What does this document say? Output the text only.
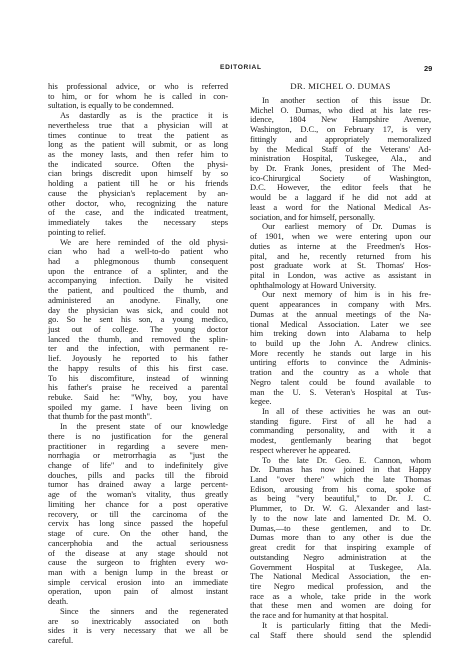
EDITORIAL	29
his professional advice, or who is referred
to him, or for whom he is called in con-
sultation, is equally to be condemned.
As dastardly as is the practice it is
nevertheless true that a physician will at
times continue to treat the patient as
long as the patient will submit, or as long
as the money lasts, and then refer him to
the indicated source. Often the physi-
cian brings discredit upon himself by so
holding a patient till he or his friends
cause the physician's replacement by an-
other doctor, who, recognizing the nature
of the case, and the indicated treatment,
immediately takes the necessary steps
pointing to relief.
We are here reminded of the old physi-
cian who had a well-to-do patient who
had a phlegmonous thumb consequent
upon the entrance of a splinter, and the
accompanying infection. Daily he visited
the patient, and poulticed the thumb, and
administered an anodyne. Finally, one
day the physician was sick, and could not
go. So he sent his son, a young medico,
just out of college. The young doctor
lanced the thumb, and removed the splin-
ter and the infection, with permanent re-
lief. Joyously he reported to his father
the happy results of this his first case.
To his discomfiture, instead of winning
his father's praise he received a parental
rebuke. Said he: "Why, boy, you have
spoiled my game. I have been living on
that thumb for the past month".
In the present state of our knowledge
there is no justification for the general
practitioner in regarding a severe men-
norrhagia or metrorrhagia as "just the
change of life" and to indefinitely give
douches, pills and packs till the fibroid
tumor has drained away a large percent-
age of the woman's vitality, thus greatly
limiting her chance for a post operative
recovery, or till the carcinoma of the
cervix has long since passed the hopeful
stage of cure. On the other hand, the
cancerphobia and the actual seriousness
of the disease at any stage should not
cause the surgeon to frighten every wo-
man with a benign lump in the breast or
simple cervical erosion into an immediate
operation, upon pain of almost instant
death.
Since the sinners and the regenerated
are so inextricably associated on both
sides it is very necessary that we all be
careful.
DR. MICHEL O. DUMAS
In another section of this issue Dr.
Michel O. Dumas, who died at his late res-
idence, 1804 New Hampshire Avenue,
Washington, D.C., on February 17, is very
fittingly and appropriately memoralized
by the Medical Staff of the Veterans' Ad-
ministration Hospital, Tuskegee, Ala., and
by Dr. Frank Jones, president of The Med-
ico-Chirurgical Society of Washington,
D.C. However, the editor feels that he
would be a laggard if he did not add at
least a word for the National Medical As-
sociation, and for himself, personally.
Our earliest memory of Dr. Dumas is
of 1901, when we were entering upon our
duties as interne at the Freedmen's Hos-
pital, and he, recently returned from his
post graduate work at St. Thomas' Hos-
pital in London, was active as assistant in
ophthalmology at Howard University.
Our next memory of him is in his fre-
quent appearances in company with Mrs.
Dumas at the annual meetings of the Na-
tional Medical Association. Later we see
him treking down into Alabama to help
to build up the John A. Andrew clinics.
More recently he stands out large in his
untiring efforts to convince the Adminis-
tration and the country as a whole that
Negro talent could be found available to
man the U. S. Veteran's Hospital at Tus-
kegee.
In all of these activities he was an out-
standing figure. First of all he had a
commanding personality, and with it a
modest, gentlemanly bearing that begot
respect wherever he appeared.
To the late Dr. Geo. E. Cannon, whom
Dr. Dumas has now joined in that Happy
Land "over there" which the late Thomas
Edison, arousing from his coma, spoke of
as being "very beautiful," to Dr. J. C.
Plummer, to Dr. W. G. Alexander and last-
ly to the now late and lamented Dr. M. O.
Dumas,—to these gentlemen, and to Dr.
Dumas more than to any other is due the
great credit for that inspiring example of
outstanding Negro administration at the
Government Hospital at Tuskegee, Ala.
The National Medical Association, the en-
tire Negro medical profession, and the
race as a whole, take pride in the work
that these men and women are doing for
the race and for humanity at that hospital.
It is particularly fitting that the Medi-
cal Staff there should send the splendid
